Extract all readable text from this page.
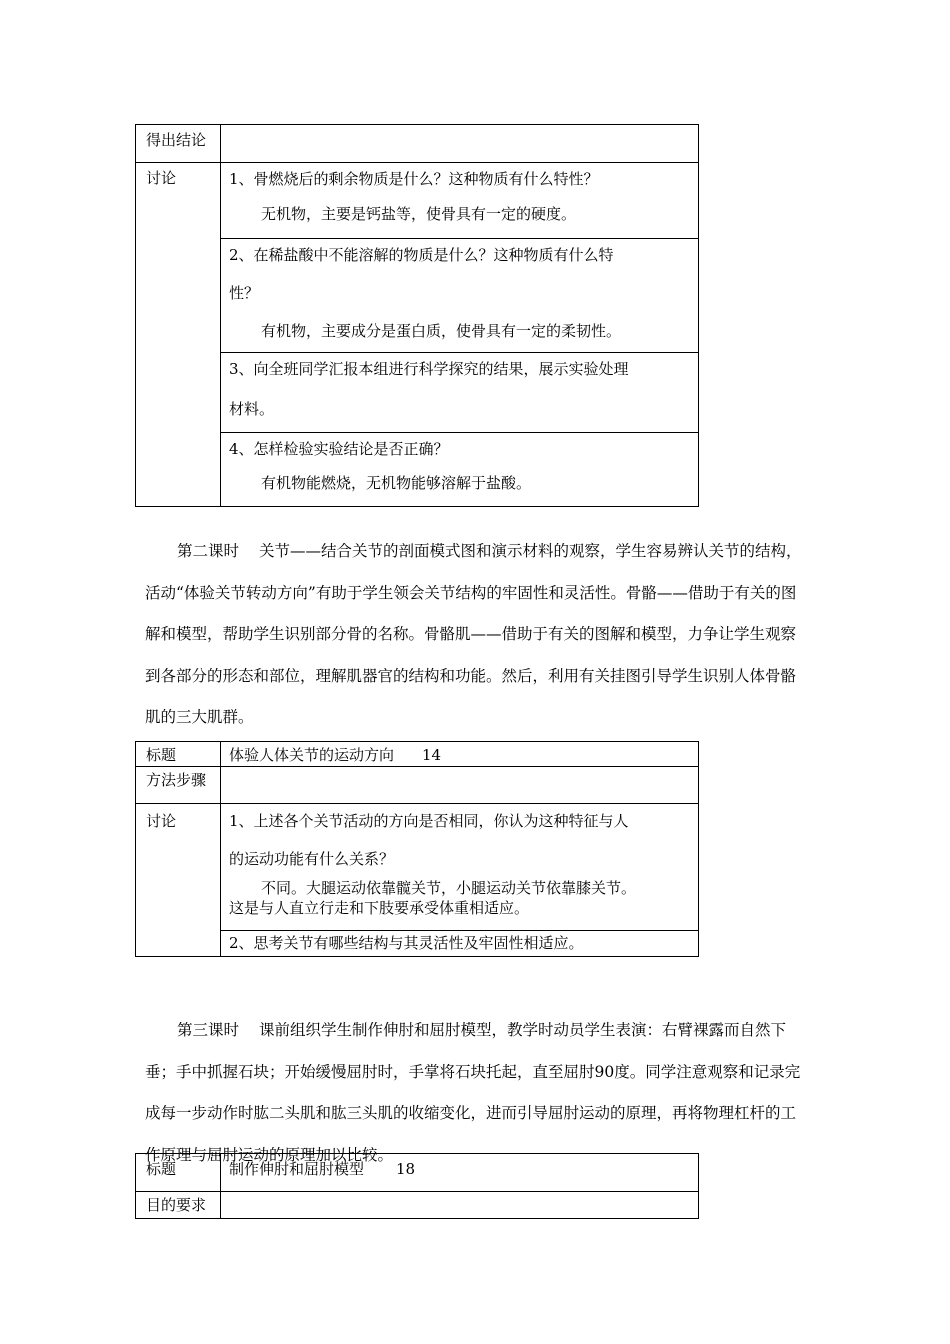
得出结论	
讨论	1、骨燃烧后的剩余物质是什么？这种物质有什么特性？
无机物，主要是钙盐等，使骨具有一定的硬度。

	2、在稀盐酸中不能溶解的物质是什么？这种物质有什么特
性？
有机物，主要成分是蛋白质，使骨具有一定的柔韧性。

	3、向全班同学汇报本组进行科学探究的结果，展示实验处理
材料。

	4、怎样检验实验结论是否正确？
有机物能燃烧，无机物能够溶解于盐酸。

第二课时 关节——结合关节的剖面模式图和演示材料的观察，学生容易辨认关节的结构，活动“体验关节转动方向”有助于学生领会关节结构的牢固性和灵活性。骨骼——借助于有关的图解和模型，帮助学生识别部分骨的名称。骨骼肌——借助于有关的图解和模型，力争让学生观察到各部分的形态和部位，理解肌器官的结构和功能。然后，利用有关挂图引导学生识别人体骨骼肌的三大肌群。

标题	体验人体关节的运动方向 14
方法步骤	
讨论	1、上述各个关节活动的方向是否相同，你认为这种特征与人
的运动功能有什么关系？
不同。大腿运动依靠髋关节，小腿运动关节依靠膝关节。
这是与人直立行走和下肢要承受体重相适应。

	2、思考关节有哪些结构与其灵活性及牢固性相适应。

第三课时 课前组织学生制作伸肘和屈肘模型，教学时动员学生表演：右臂裸露而自然下垂；手中抓握石块；开始缓慢屈肘时，手掌将石块托起，直至屈肘90度。同学注意观察和记录完成每一步动作时肱二头肌和肱三头肌的收缩变化，进而引导屈肘运动的原理，再将物理杠杆的工作原理与屈肘运动的原理加以比较。

标题	制作伸肘和屈肘模型 18
目的要求	
